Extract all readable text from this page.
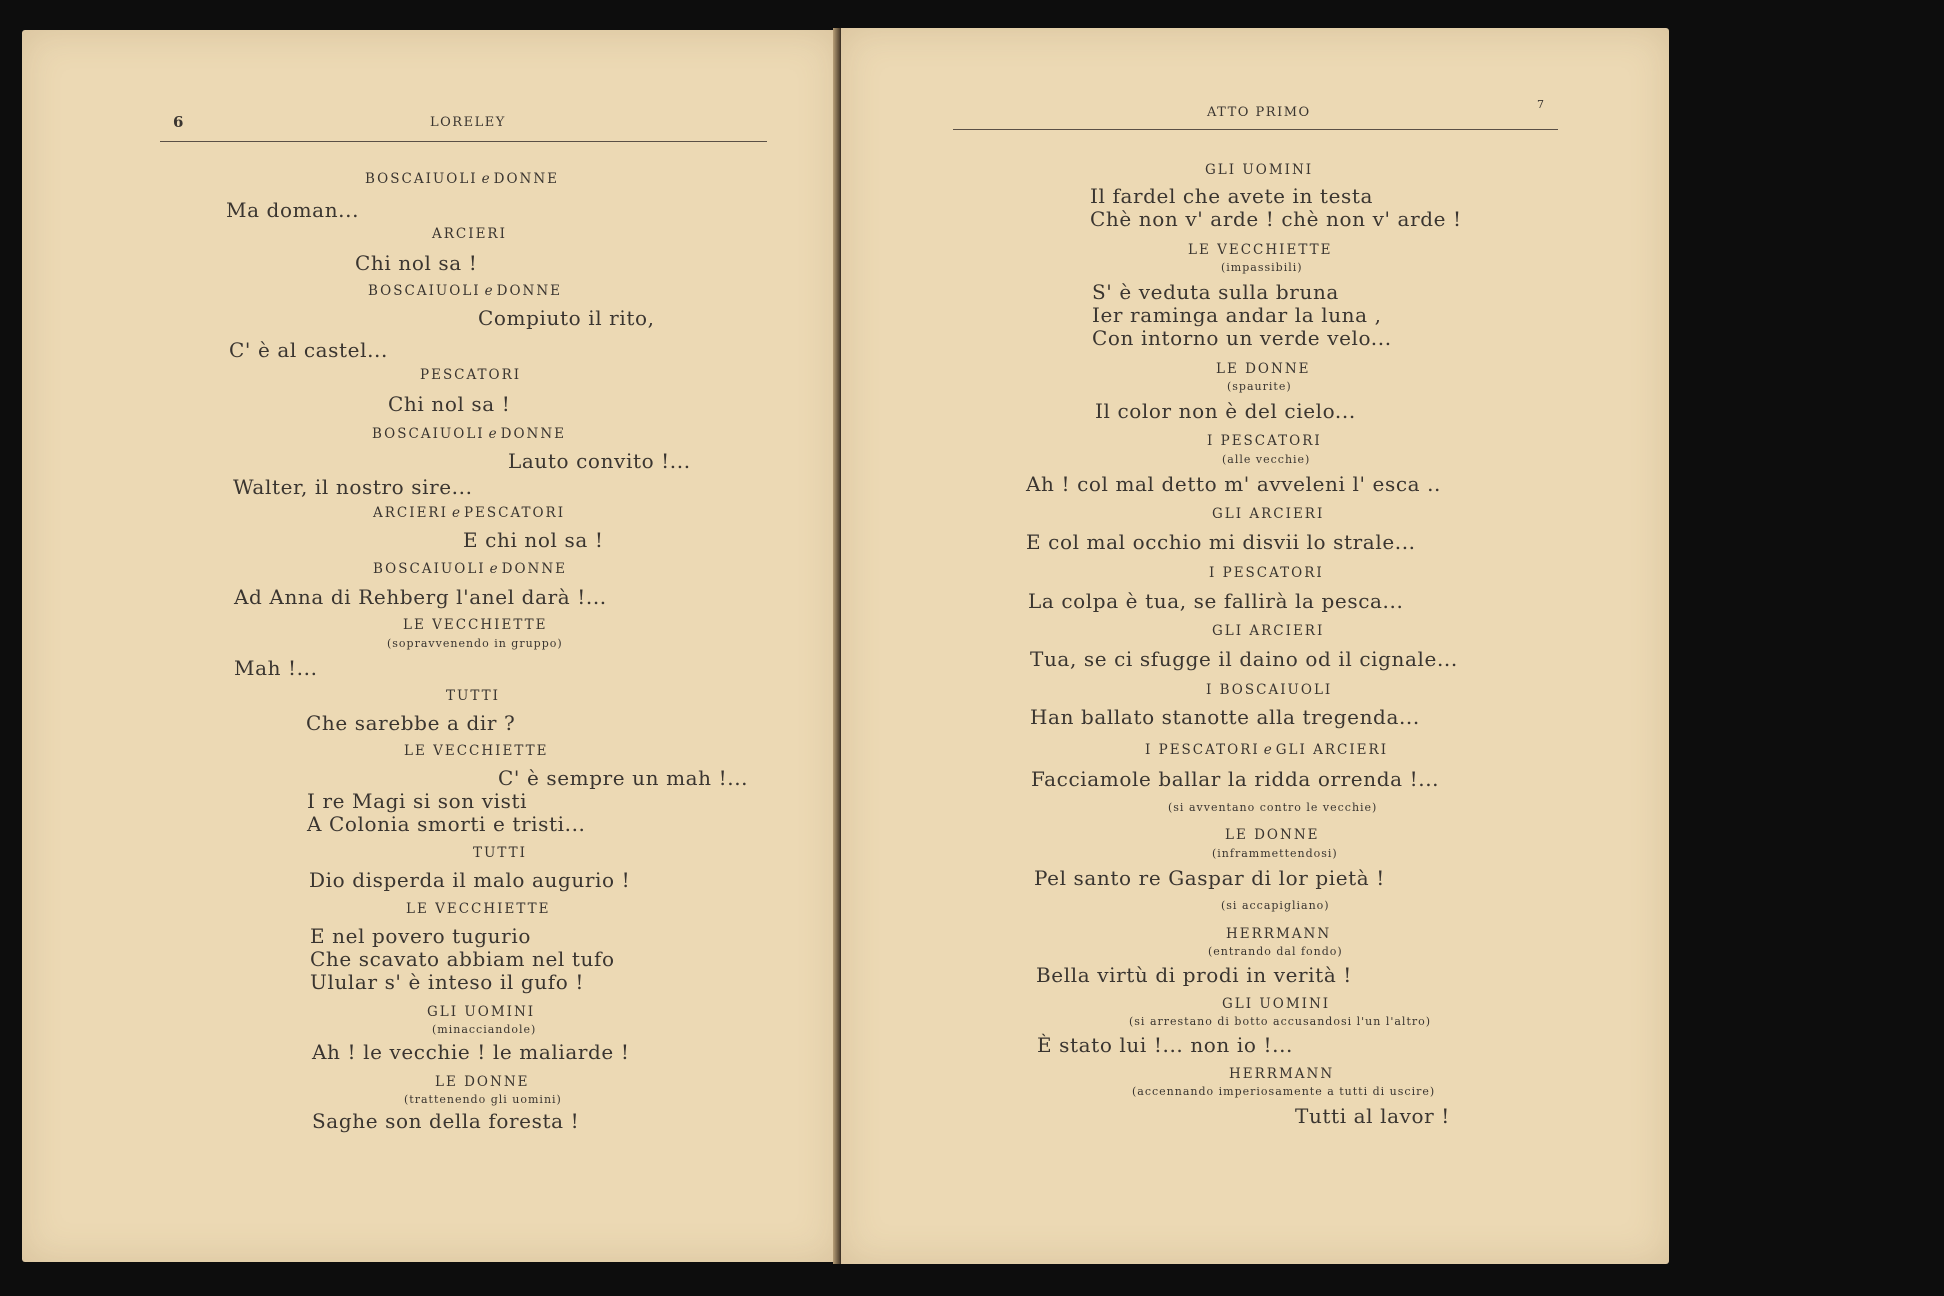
6	LORELEY
ATTO PRIMO
7
BOSCAIUOLI e DONNE
Ma doman...
ARCIERI
Chi nol sa !
BOSCAIUOLI e DONNE
Compiuto il rito,
C' è al castel...
PESCATORI
Chi nol sa !
BOSCAIUOLI e DONNE
Lauto convito !...
Walter, il nostro sire...
ARCIERI e PESCATORI
E chi nol sa !
BOSCAIUOLI e DONNE
Ad Anna di Rehberg l'anel darà !...
LE VECCHIETTE
(sopravvenendo in gruppo)
Mah !...
TUTTI
Che sarebbe a dir ?
LE VECCHIETTE
C' è sempre un mah !...
I re Magi si son visti
A Colonia smorti e tristi...
TUTTI
Dio disperda il malo augurio !
LE VECCHIETTE
E nel povero tugurio
Che scavato abbiam nel tufo
Ulular s' è inteso il gufo !
GLI UOMINI
(minacciandole)
Ah ! le vecchie ! le maliarde !
LE DONNE
(trattenendo gli uomini)
Saghe son della foresta !
GLI UOMINI
Il fardel che avete in testa
Chè non v' arde ! chè non v' arde !
LE VECCHIETTE
(impassibili)
S' è veduta sulla bruna
Ier raminga andar la luna ,
Con intorno un verde velo...
LE DONNE
(spaurite)
Il color non è del cielo...
I PESCATORI
(alle vecchie)
Ah ! col mal detto m' avveleni l' esca ..
GLI ARCIERI
E col mal occhio mi disvii lo strale...
I PESCATORI
La colpa è tua, se fallirà la pesca...
GLI ARCIERI
Tua, se ci sfugge il daino od il cignale...
I BOSCAIUOLI
Han ballato stanotte alla tregenda...
I PESCATORI e GLI ARCIERI
Facciamole ballar la ridda orrenda !...
(si avventano contro le vecchie)
LE DONNE
(inframmettendosi)
Pel santo re Gaspar di lor pietà !
(si accapigliano)
HERRMANN
(entrando dal fondo)
Bella virtù di prodi in verità !
GLI UOMINI
(si arrestano di botto accusandosi l'un l'altro)
È stato lui !... non io !...
HERRMANN
(accennando imperiosamente a tutti di uscire)
Tutti al lavor !
